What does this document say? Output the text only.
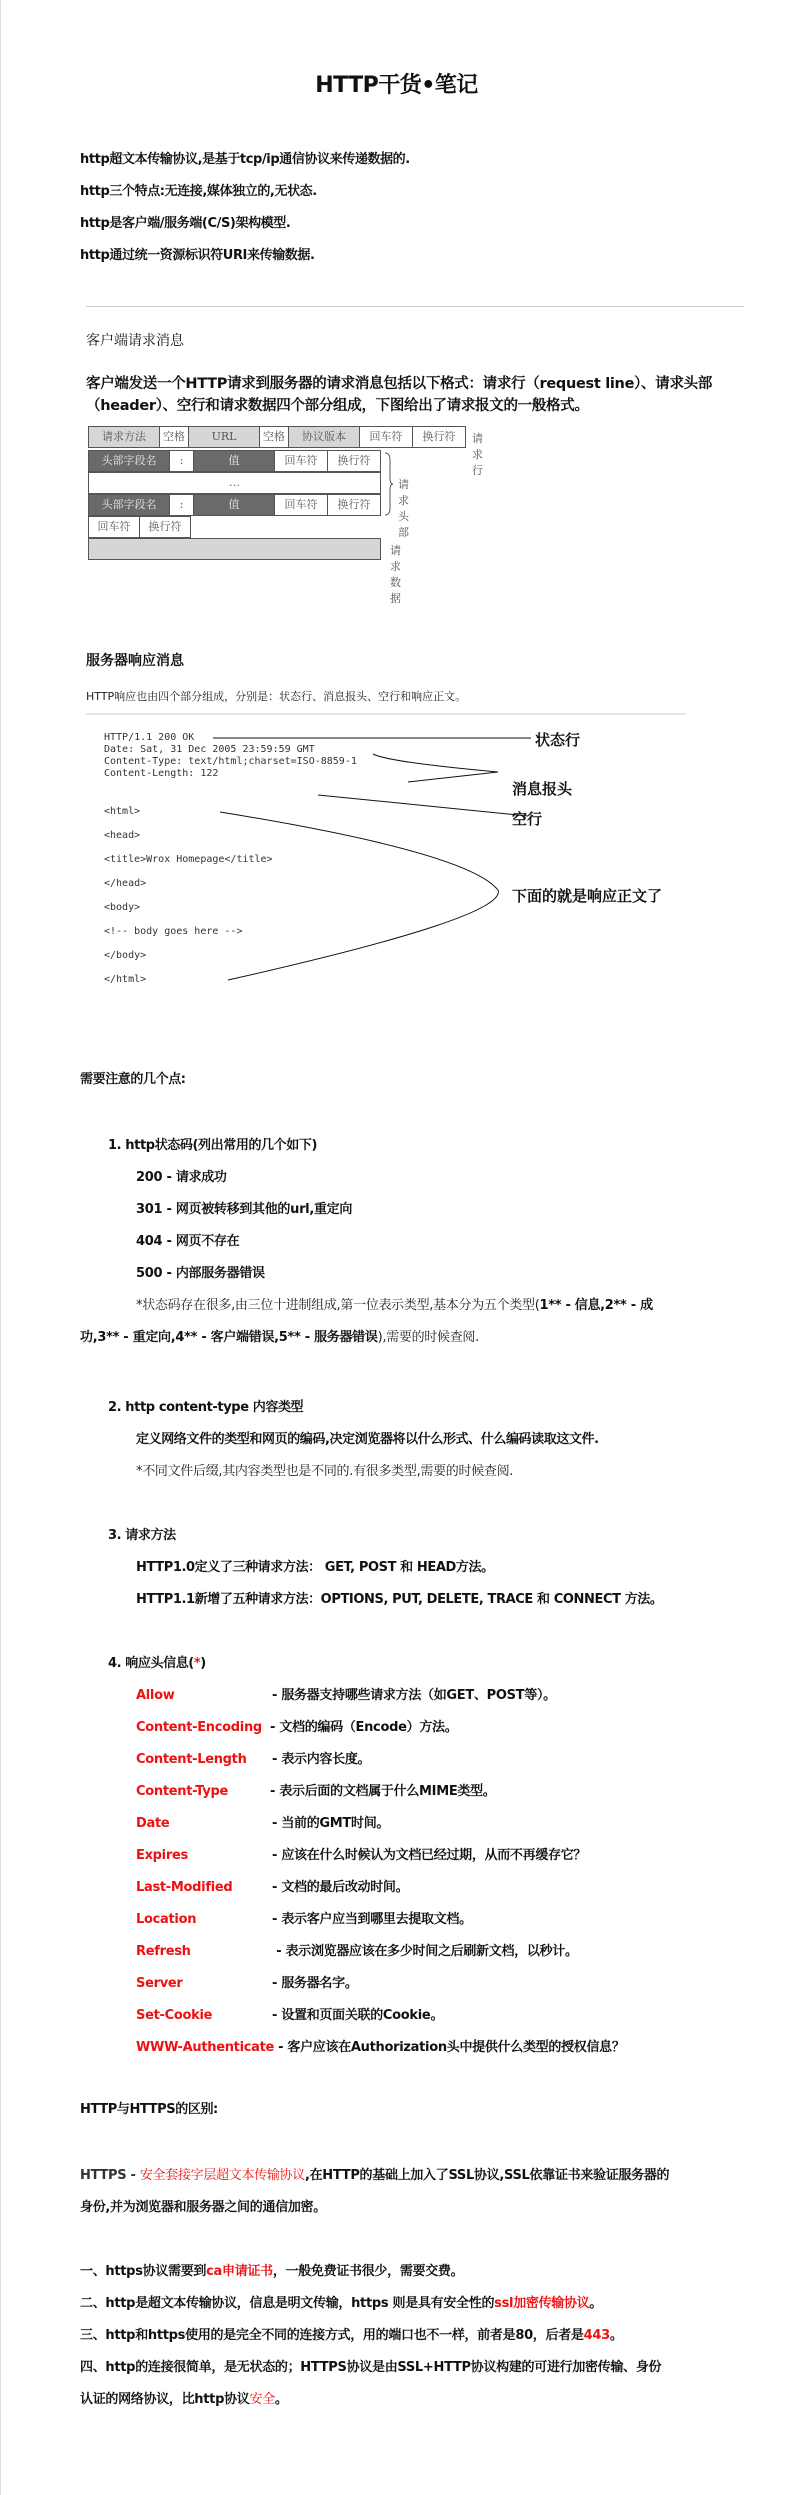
HTTP干货•笔记
http超文本传输协议,是基于tcp/ip通信协议来传递数据的.
http三个特点:无连接,媒体独立的,无状态.
http是客户端/服务端(C/S)架构模型.
http通过统一资源标识符URI来传输数据.
客户端请求消息
客户端发送一个HTTP请求到服务器的请求消息包括以下格式：请求行（request line）、请求头部
（header）、空行和请求数据四个部分组成，下图给出了请求报文的一般格式。
请求方法	空格	URL	空格	协议版本	回车符	换行符	请求行
头部字段名	:	值	回车符	换行符
…
头部字段名	:	值	回车符	换行符
请求头部
回车符	换行符
请求数据
服务器响应消息
HTTP响应也由四个部分组成，分别是：状态行、消息报头、空行和响应正文。
HTTP/1.1 200 OK
Date: Sat, 31 Dec 2005 23:59:59 GMT
Content-Type: text/html;charset=ISO-8859-1
Content-Length: 122
<html>
<head>
<title>Wrox Homepage</title>
</head>
<body>
<!-- body goes here -->
</body>
</html>
状态行
消息报头
空行
下面的就是响应正文了
需要注意的几个点:
1. http状态码(列出常用的几个如下)
200 - 请求成功
301 - 网页被转移到其他的url,重定向
404 - 网页不存在
500 - 内部服务器错误
*状态码存在很多,由三位十进制组成,第一位表示类型,基本分为五个类型(1** - 信息,2** - 成
功,3** - 重定向,4** - 客户端错误,5** - 服务器错误),需要的时候查阅.
2. http content-type 内容类型
定义网络文件的类型和网页的编码,决定浏览器将以什么形式、什么编码读取这文件.
*不同文件后缀,其内容类型也是不同的.有很多类型,需要的时候查阅.
3. 请求方法
HTTP1.0定义了三种请求方法： GET, POST 和 HEAD方法。
HTTP1.1新增了五种请求方法：OPTIONS, PUT, DELETE, TRACE 和 CONNECT 方法。
4. 响应头信息(*)
Allow	- 服务器支持哪些请求方法（如GET、POST等）。
Content-Encoding - 文档的编码（Encode）方法。
Content-Length - 表示内容长度。
Content-Type	- 表示后面的文档属于什么MIME类型。
Date	- 当前的GMT时间。
Expires	- 应该在什么时候认为文档已经过期，从而不再缓存它？
Last-Modified	- 文档的最后改动时间。
Location	- 表示客户应当到哪里去提取文档。
Refresh	- 表示浏览器应该在多少时间之后刷新文档，以秒计。
Server	- 服务器名字。
Set-Cookie	- 设置和页面关联的Cookie。
WWW-Authenticate - 客户应该在Authorization头中提供什么类型的授权信息？
HTTP与HTTPS的区别:
HTTPS - 安全套接字层超文本传输协议,在HTTP的基础上加入了SSL协议,SSL依靠证书来验证服务器的
身份,并为浏览器和服务器之间的通信加密。
一、https协议需要到ca申请证书，一般免费证书很少，需要交费。
二、http是超文本传输协议，信息是明文传输，https 则是具有安全性的ssl加密传输协议。
三、http和https使用的是完全不同的连接方式，用的端口也不一样，前者是80，后者是443。
四、http的连接很简单，是无状态的；HTTPS协议是由SSL+HTTP协议构建的可进行加密传输、身份
认证的网络协议，比http协议安全。
